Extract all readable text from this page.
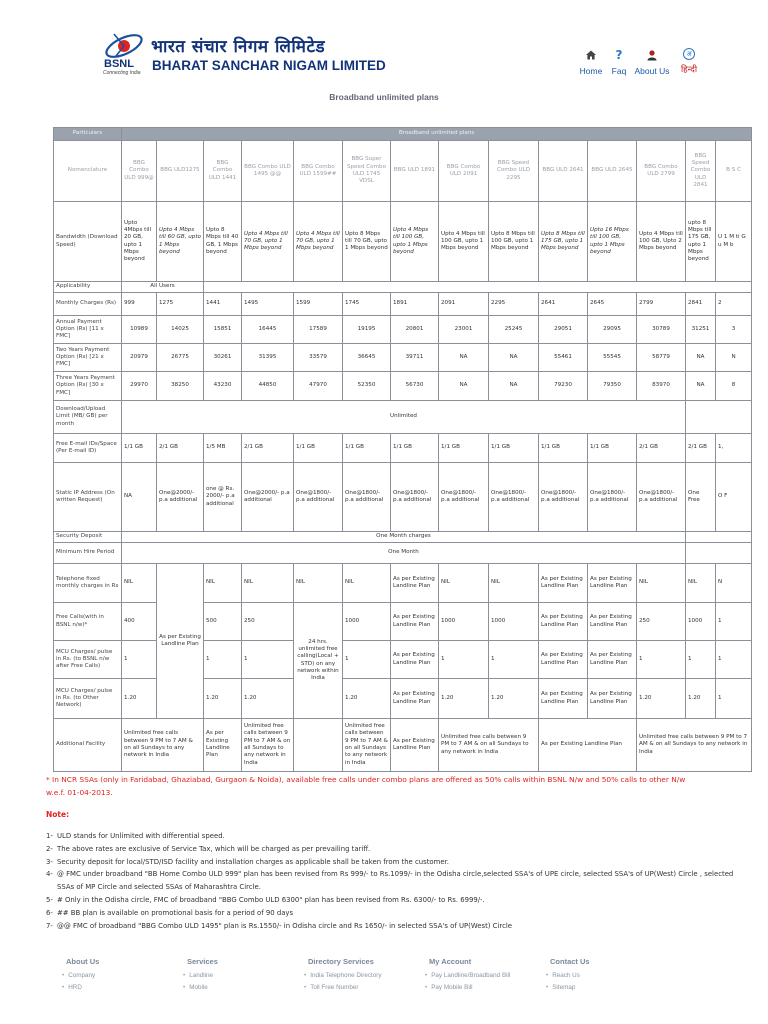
BSNL
Connecting India
भारत संचार निगम लिमिटेड
BHARAT SANCHAR NIGAM LIMITED	Home
?
Faq About Us
अ
हिन्दी
Broadband unlimited plans
Particulars	Broadband unlimited plans													
Nomenclature	BBG Combo ULD 999@	BBG ULD1275	BBG Combo ULD 1441	BBG Combo ULD 1495 @@	BBG Combo ULD 1599##	BBG Super Speed Combo ULD 1745 VDSL	BBG ULD 1891	BBG Combo ULD 2091	BBG Speed Combo ULD 2295	BBG ULD 2641	BBG ULD 2645	BBG Combo ULD 2799	BBG Speed Combo ULD 2841	B S C
Bandwidth (Download Speed)	Upto 4Mbps till 20 GB, upto 1 Mbps beyond	Upto 4 Mbps till 60 GB, upto 1 Mbps beyond	Upto 8 Mbps till 40 GB, 1 Mbps beyond	Upto 4 Mbps till 70 GB, upto 1 Mbps beyond	Upto 4 Mbps till 70 GB, upto 1 Mbps beyond	Upto 8 Mbps till 70 GB, upto 1 Mbps beyond	Upto 4 Mbps till 100 GB, upto 1 Mbps beyond	Upto 4 Mbps till 100 GB, upto 1 Mbps beyond	Upto 8 Mbps till 100 GB, upto 1 Mbps beyond	Upto 8 Mbps till 175 GB, upto 1 Mbps beyond	Upto 16 Mbps till 100 GB, upto 1 Mbps beyond	Upto 4 Mbps till 100 GB, Upto 2 Mbps beyond	upto 8 Mbps till 175 GB, upto 1 Mbps beyond	U 1 M ti G u M b
Applicability	All Users													
Monthly Charges (Rs)	999	1275	1441	1495	1599	1745	1891	2091	2295	2641	2645	2799	2841	2
Annual Payment Option (Rs) [11 x FMC]	10989	14025	15851	16445	17589	19195	20801	23001	25245	29051	29095	30789	31251	3
Two Years Payment Option (Rs) [21 x FMC]	20979	26775	30261	31395	33579	36645	39711	NA	NA	55461	55545	58779	NA	N
Three Years Payment Option (Rs) [30 x FMC]	29970	38250	43230	44850	47970	52350	56730	NA	NA	79230	79350	83970	NA	8
Download/Upload Limit (MB/ GB) per month	Unlimited													
Free E-mail IDs/Space (Per E-mail ID)	1/1 GB	2/1 GB	1/5 MB	2/1 GB	1/1 GB	1/1 GB	1/1 GB	1/1 GB	1/1 GB	1/1 GB	1/1 GB	2/1 GB	2/1 GB	1,
Static IP Address (On written Request)	NA	One@2000/- p.a additional	one @ Rs. 2000/- p.a additional	One@2000/- p.a additional	One@1800/- p.a additional	One@1800/- p.a additional	One@1800/- p.a additional	One@1800/- p.a additional	One@1800/- p.a additional	One@1800/- p.a additional	One@1800/- p.a additional	One@1800/- p.a additional	One Free	O F
Security Deposit	One Month charges													
Minimum Hire Period	One Month													
Telephone fixed monthly charges in Rs	NIL	As per Existing Landline Plan	NIL	NIL	NIL	NIL	As per Existing Landline Plan	NIL	NIL	As per Existing Landline Plan	As per Existing Landline Plan	NIL	NIL	N
Free Calls(with in BSNL n/w)*	400		500	250	24 hrs. unlimited free calling(Local + STD) on any network within India	1000	As per Existing Landline Plan	1000	1000	As per Existing Landline Plan	As per Existing Landline Plan	250	1000	1
MCU Charges/ pulse in Rs. (to BSNL n/w after Free Calls)	1		1	1		1	As per Existing Landline Plan	1	1	As per Existing Landline Plan	As per Existing Landline Plan	1	1	1
MCU Charges/ pulse in Rs. (to Other Network)	1.20		1.20	1.20		1.20	As per Existing Landline Plan	1.20	1.20	As per Existing Landline Plan	As per Existing Landline Plan	1.20	1.20	1
Additional Facility	Unlimited free calls between 9 PM to 7 AM & on all Sundays to any network in India		As per Existing Landline Plan	Unlimited free calls between 9 PM to 7 AM & on all Sundays to any network in India		Unlimited free calls between 9 PM to 7 AM & on all Sundays to any network in India	As per Existing Landline Plan	Unlimited free calls between 9 PM to 7 AM & on all Sundays to any network in India		As per Existing Landline Plan		Unlimited free calls between 9 PM to 7 AM & on all Sundays to any network in India		
* In NCR SSAs (only in Faridabad, Ghaziabad, Gurgaon & Noida), available free calls under combo plans are offered as 50% calls within BSNL N/w and 50% calls to other N/w w.e.f. 01-04-2013.
Note:
1- ULD stands for Unlimited with differential speed.
2- The above rates are exclusive of Service Tax, which will be charged as per prevailing tariff.
3- Security deposit for local/STD/ISD facility and installation charges as applicable shall be taken from the customer.
4- @ FMC under broadband "BB Home Combo ULD 999" plan has been revised from Rs 999/- to Rs.1099/- in the Odisha circle,selected SSA's of UPE circle, selected SSA's of UP(West) Circle , selected SSAs of MP Circle and selected SSAs of Maharashtra Circle.
5- # Only in the Odisha circle, FMC of broadband "BBG Combo ULD 6300" plan has been revised from Rs. 6300/- to Rs. 6999/-.
6- ## BB plan is available on promotional basis for a period of 90 days
7- @@ FMC of broadband "BBG Combo ULD 1495" plan is Rs.1550/- in Odisha circle and Rs 1650/- in selected SSA's of UP(West) Circle
About Us
• Company
• HRD
Services
• Landline
• Mobile
Directory Services
• India Telephone Directory
• Toll Free Number
My Account
• Pay Landline/Broadband Bill
• Pay Mobile Bill
Contact Us
• Reach Us
• Sitemap
